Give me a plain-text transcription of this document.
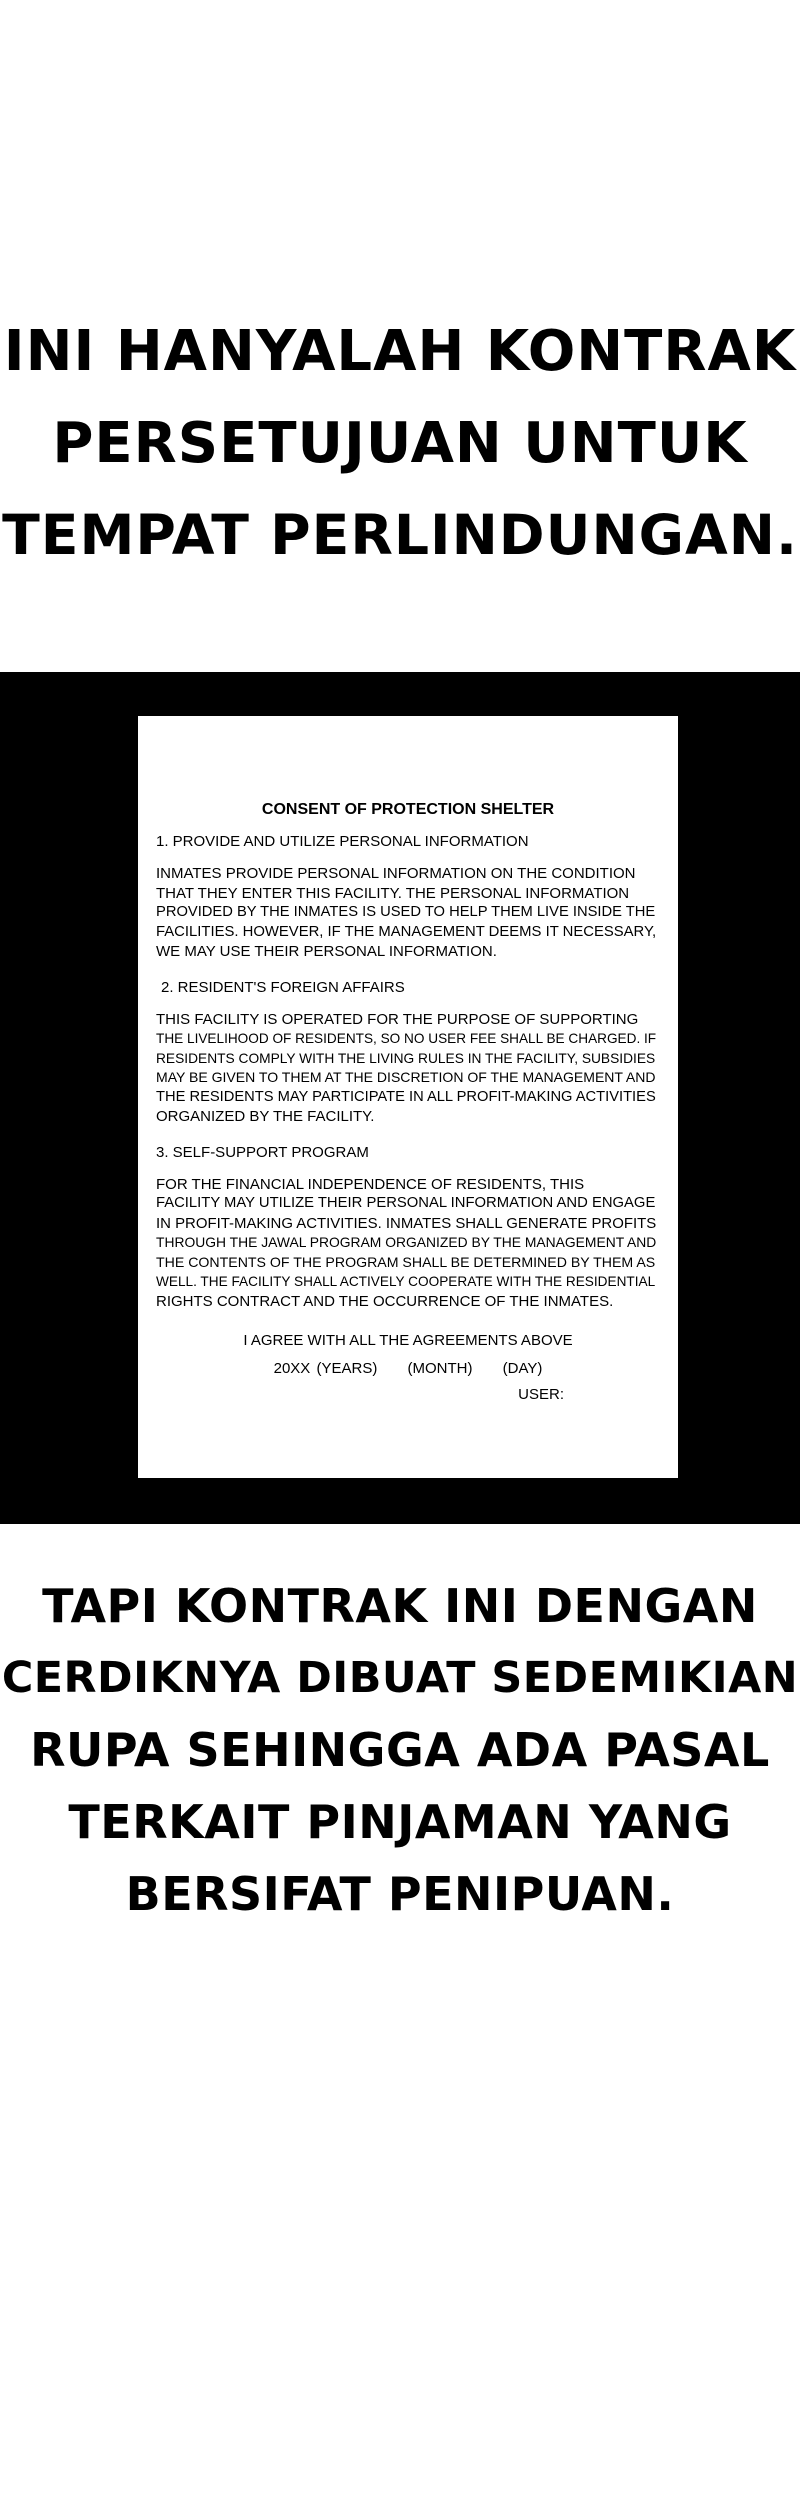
INI HANYALAH KONTRAK
PERSETUJUAN UNTUK
TEMPAT PERLINDUNGAN.
CONSENT OF PROTECTION SHELTER
1. PROVIDE AND UTILIZE PERSONAL INFORMATION
INMATES PROVIDE PERSONAL INFORMATION ON THE CONDITION
THAT THEY ENTER THIS FACILITY. THE PERSONAL INFORMATION
PROVIDED BY THE INMATES IS USED TO HELP THEM LIVE INSIDE THE
FACILITIES. HOWEVER, IF THE MANAGEMENT DEEMS IT NECESSARY,
WE MAY USE THEIR PERSONAL INFORMATION.
2. RESIDENT'S FOREIGN AFFAIRS
THIS FACILITY IS OPERATED FOR THE PURPOSE OF SUPPORTING
THE LIVELIHOOD OF RESIDENTS, SO NO USER FEE SHALL BE CHARGED. IF
RESIDENTS COMPLY WITH THE LIVING RULES IN THE FACILITY, SUBSIDIES
MAY BE GIVEN TO THEM AT THE DISCRETION OF THE MANAGEMENT AND
THE RESIDENTS MAY PARTICIPATE IN ALL PROFIT-MAKING ACTIVITIES
ORGANIZED BY THE FACILITY.
3. SELF-SUPPORT PROGRAM
FOR THE FINANCIAL INDEPENDENCE OF RESIDENTS, THIS
FACILITY MAY UTILIZE THEIR PERSONAL INFORMATION AND ENGAGE
IN PROFIT-MAKING ACTIVITIES. INMATES SHALL GENERATE PROFITS
THROUGH THE JAWAL PROGRAM ORGANIZED BY THE MANAGEMENT AND
THE CONTENTS OF THE PROGRAM SHALL BE DETERMINED BY THEM AS
WELL. THE FACILITY SHALL ACTIVELY COOPERATE WITH THE RESIDENTIAL
RIGHTS CONTRACT AND THE OCCURRENCE OF THE INMATES.
I AGREE WITH ALL THE AGREEMENTS ABOVE
20XX (YEARS) (MONTH) (DAY)
USER:
TAPI KONTRAK INI DENGAN
CERDIKNYA DIBUAT SEDEMIKIAN
RUPA SEHINGGA ADA PASAL
TERKAIT PINJAMAN YANG
BERSIFAT PENIPUAN.
